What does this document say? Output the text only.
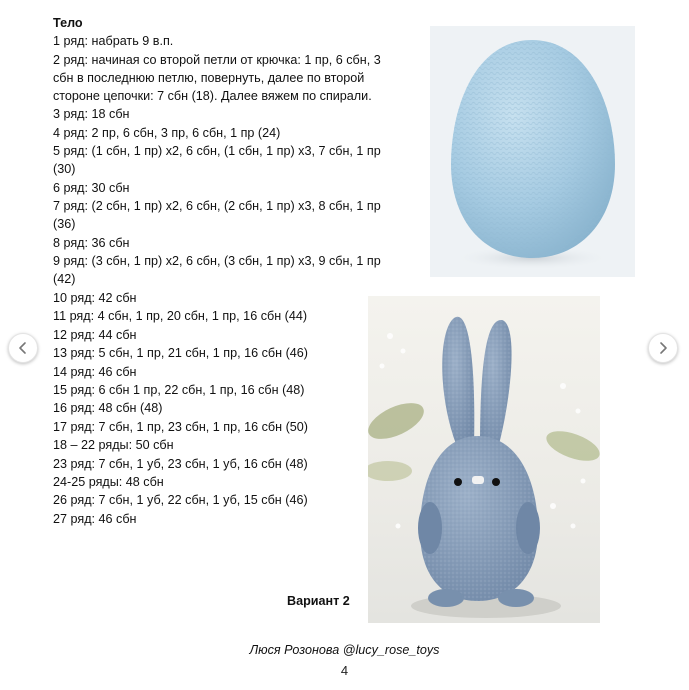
Тело
1 ряд: набрать 9 в.п.
2 ряд: начиная со второй петли от крючка: 1 пр, 6 сбн, 3
сбн в последнюю петлю, повернуть, далее по второй
стороне цепочки: 7 сбн (18). Далее вяжем по спирали.
3 ряд: 18 сбн
4 ряд: 2 пр, 6 сбн, 3 пр, 6 сбн, 1 пр (24)
5 ряд: (1 сбн, 1 пр) х2, 6 сбн, (1 сбн, 1 пр) х3, 7 сбн, 1 пр
(30)
6 ряд: 30 сбн
7 ряд: (2 сбн, 1 пр) х2, 6 сбн, (2 сбн, 1 пр) х3, 8 сбн, 1 пр
(36)
8 ряд: 36 сбн
9 ряд: (3 сбн, 1 пр) х2, 6 сбн, (3 сбн, 1 пр) х3, 9 сбн, 1 пр
(42)
10 ряд: 42 сбн
11 ряд: 4 сбн, 1 пр, 20 сбн, 1 пр, 16 сбн (44)
12 ряд: 44 сбн
13 ряд: 5 сбн, 1 пр, 21 сбн, 1 пр, 16 сбн (46)
14 ряд: 46 сбн
15 ряд: 6 сбн 1 пр, 22 сбн, 1 пр, 16 сбн (48)
16 ряд: 48 сбн (48)
17 ряд: 7 сбн, 1 пр, 23 сбн, 1 пр, 16 сбн (50)
18 – 22 ряды: 50 сбн
23 ряд: 7 сбн, 1 уб, 23 сбн, 1 уб, 16 сбн (48)
24-25 ряды: 48 сбн
26 ряд: 7 сбн, 1 уб, 22 сбн, 1 уб, 15 сбн (46)
27 ряд: 46 сбн
Вариант 2
Люся Розонова @lucy_rose_toys
4
